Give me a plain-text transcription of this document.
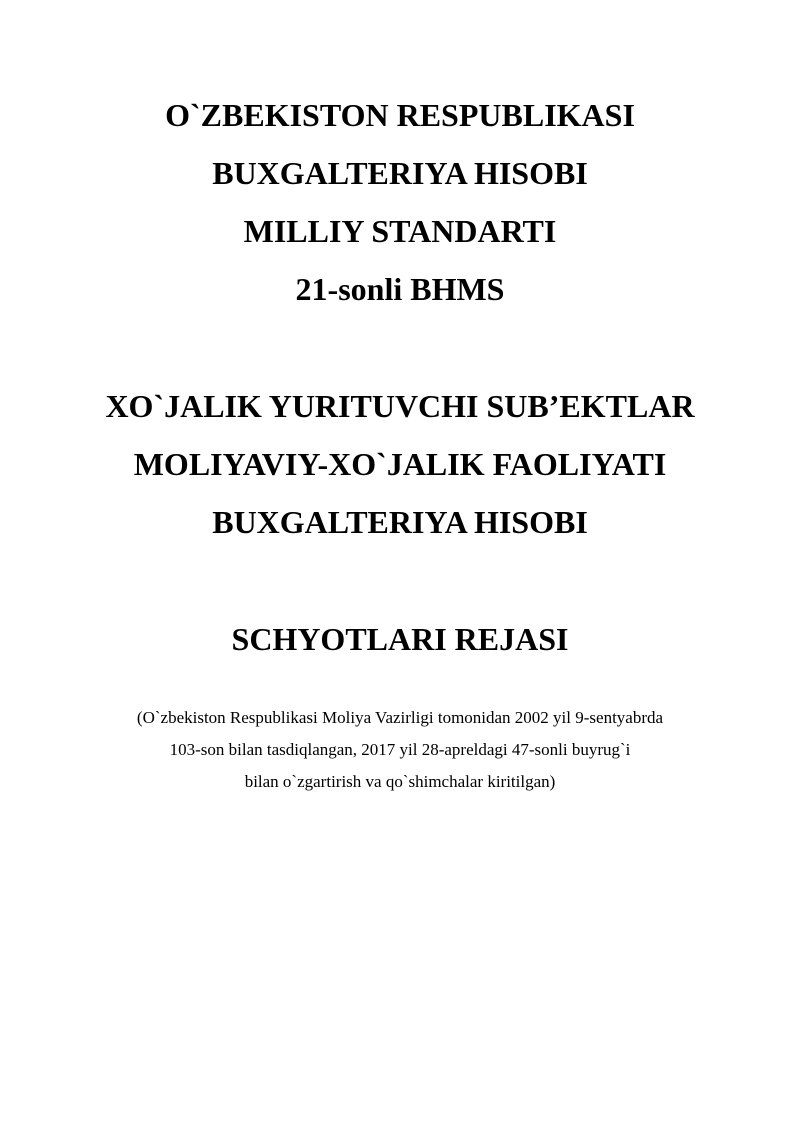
O`ZBEKISTON RESPUBLIKASI
BUXGALTERIYA HISOBI
MILLIY STANDARTI
21-sonli BHMS
XO`JALIK YURITUVCHI SUB’EKTLAR
MOLIYAVIY-XO`JALIK FAOLIYATI
BUXGALTERIYA HISOBI
SCHYOTLARI REJASI
(O`zbekiston Respublikasi Moliya Vazirligi tomonidan 2002 yil 9-sentyabrda
103-son bilan tasdiqlangan, 2017 yil 28-apreldagi 47-sonli buyrug`i
bilan o`zgartirish va qo`shimchalar kiritilgan)
